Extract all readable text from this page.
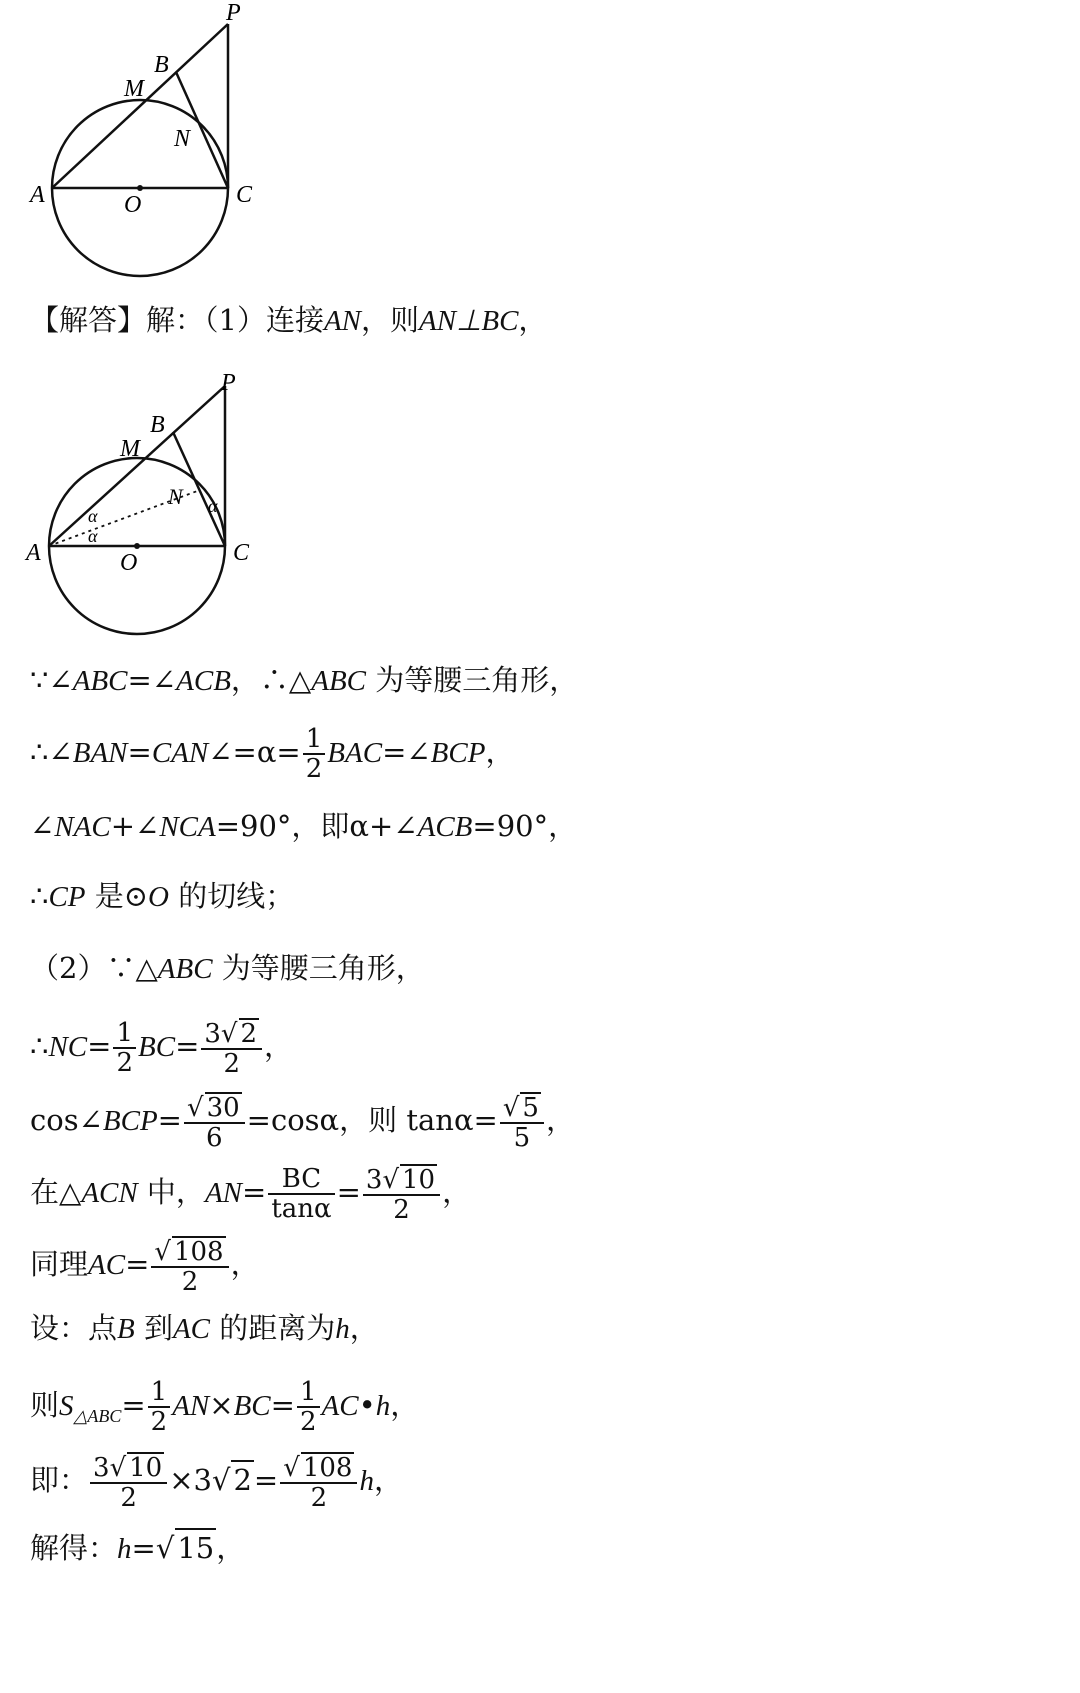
P
B
M
N
A	O	C
【解答】解：（1）连接AN，则AN⊥BC，
B
M
N
α
α
α
A	O	C
P
∵∠ABC=∠ACB，∴△ABC 为等腰三角形，
∴∠BAN=CAN∠=α= $\frac{1}{2}$ BAC=∠BCP，
∠NAC+∠NCA=90°，即α+∠ACB=90°，
∴CP 是⊙O 的切线；
（2）∵△ABC 为等腰三角形，
∴NC= $\frac{1}{2} BC= \frac{3√ 2}{2}$ ，
cos∠BCP= $\frac{√ 30}{6} =\cos\alpha$，则 $\tan\alpha= \frac{√ 5}{5}$ ，
在△ACN 中，$AN= \frac{BC}{\tan\alpha} = \frac{3√ 10}{2}$ ，
同理$AC= \frac{√ 108}{2}$ ，
设：点B 到AC 的距离为h，
则$S_{\triangle ABC}= \frac{1}{2} AN\times BC= \frac{1}{2}$ AC•h，
即： $\frac{3√ 10}{2} \times 3√$ $2= \frac{√ 108}{2}$ h，
解得：h=√ 15，
